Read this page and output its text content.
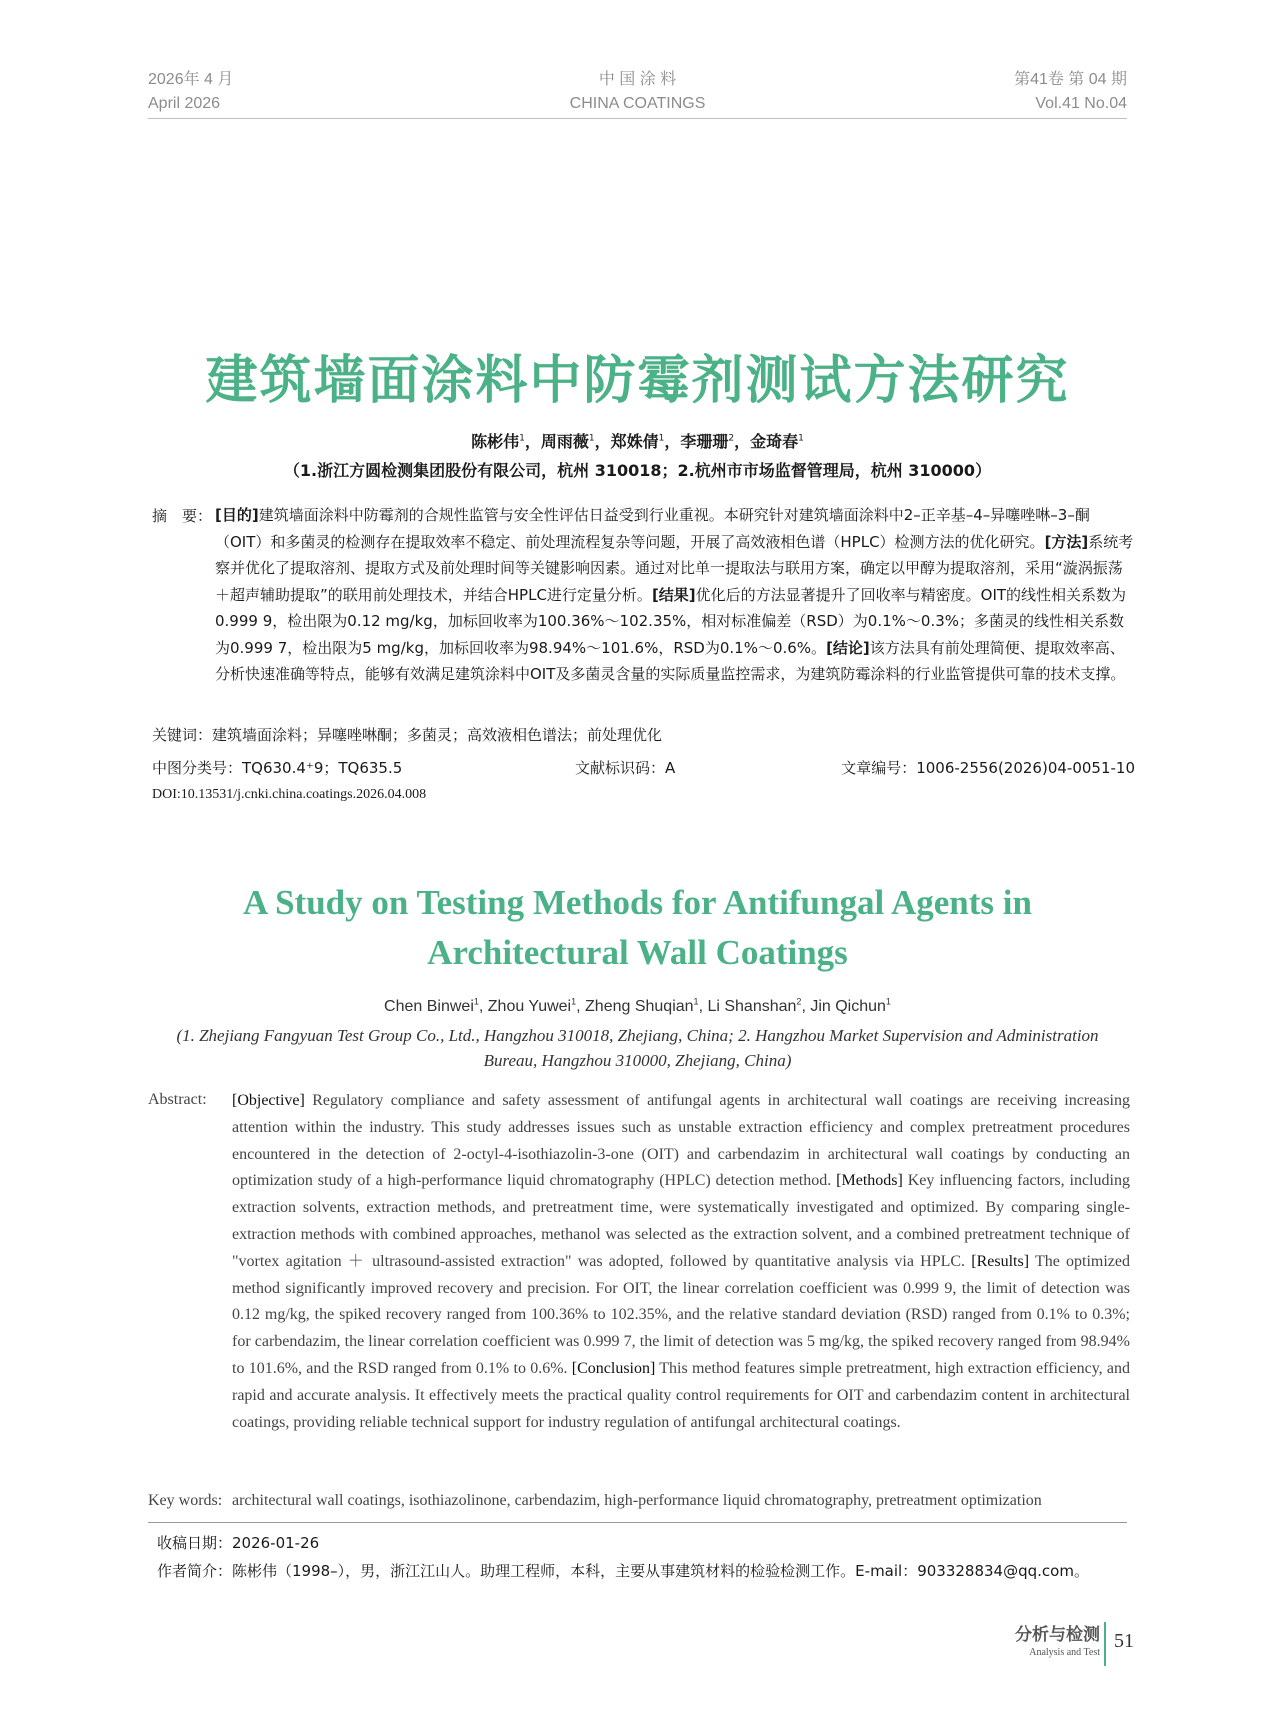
2026年 4 月
April 2026
中 国 涂 料
CHINA COATINGS
第41卷 第 04 期
Vol.41 No.04
建筑墙面涂料中防霉剂测试方法研究
陈彬伟$^1$，周雨薇$^1$，郑姝倩$^1$，李珊珊$^2$，金琦春$^1$
（1.浙江方圆检测集团股份有限公司，杭州 310018；2.杭州市市场监督管理局，杭州 310000）
摘　要： [目的]建筑墙面涂料中防霉剂的合规性监管与安全性评估日益受到行业重视。本研究针对建筑墙面涂料中2–正辛基–4–异噻唑啉–3–酮（OIT）和多菌灵的检测存在提取效率不稳定、前处理流程复杂等问题，开展了高效液相色谱（HPLC）检测方法的优化研究。[方法]系统考察并优化了提取溶剂、提取方式及前处理时间等关键影响因素。通过对比单一提取法与联用方案，确定以甲醇为提取溶剂，采用“漩涡振荡＋超声辅助提取”的联用前处理技术，并结合HPLC进行定量分析。[结果]优化后的方法显著提升了回收率与精密度。OIT的线性相关系数为0.999 9，检出限为0.12 mg/kg，加标回收率为100.36%～102.35%，相对标准偏差（RSD）为0.1%～0.3%；多菌灵的线性相关系数为0.999 7，检出限为5 mg/kg，加标回收率为98.94%～101.6%，RSD为0.1%～0.6%。[结论]该方法具有前处理简便、提取效率高、分析快速准确等特点，能够有效满足建筑涂料中OIT及多菌灵含量的实际质量监控需求，为建筑防霉涂料的行业监管提供可靠的技术支撑。
关键词：建筑墙面涂料；异噻唑啉酮；多菌灵；高效液相色谱法；前处理优化
中图分类号：TQ630.4⁺9；TQ635.5	文献标识码：A	文章编号：1006-2556(2026)04-0051-10
DOI:10.13531/j.cnki.china.coatings.2026.04.008
A Study on Testing Methods for Antifungal Agents in
Architectural Wall Coatings
Chen Binwei$^1$, Zhou Yuwei$^1$, Zheng Shuqian$^1$, Li Shanshan$^2$, Jin Qichun$^1$
(1. Zhejiang Fangyuan Test Group Co., Ltd., Hangzhou 310018, Zhejiang, China; 2. Hangzhou Market Supervision and Administration Bureau, Hangzhou 310000, Zhejiang, China)
Abstract: [Objective] Regulatory compliance and safety assessment of antifungal agents in architectural wall coatings are receiving increasing attention within the industry. This study addresses issues such as unstable extraction efficiency and complex pretreatment procedures encountered in the detection of 2-octyl-4-isothiazolin-3-one (OIT) and carbendazim in architectural wall coatings by conducting an optimization study of a high-performance liquid chromatography (HPLC) detection method. [Methods] Key influencing factors, including extraction solvents, extraction methods, and pretreatment time, were systematically investigated and optimized. By comparing single-extraction methods with combined approaches, methanol was selected as the extraction solvent, and a combined pretreatment technique of "vortex agitation ＋ ultrasound-assisted extraction" was adopted, followed by quantitative analysis via HPLC. [Results] The optimized method significantly improved recovery and precision. For OIT, the linear correlation coefficient was 0.999 9, the limit of detection was 0.12 mg/kg, the spiked recovery ranged from 100.36% to 102.35%, and the relative standard deviation (RSD) ranged from 0.1% to 0.3%; for carbendazim, the linear correlation coefficient was 0.999 7, the limit of detection was 5 mg/kg, the spiked recovery ranged from 98.94% to 101.6%, and the RSD ranged from 0.1% to 0.6%. [Conclusion] This method features simple pretreatment, high extraction efficiency, and rapid and accurate analysis. It effectively meets the practical quality control requirements for OIT and carbendazim content in architectural coatings, providing reliable technical support for industry regulation of antifungal architectural coatings.
Key words: architectural wall coatings, isothiazolinone, carbendazim, high-performance liquid chromatography, pretreatment optimization
收稿日期：2026-01-26
作者简介：陈彬伟（1998–），男，浙江江山人。助理工程师，本科，主要从事建筑材料的检验检测工作。E-mail：903328834@qq.com。
分析与检测
Analysis and Test
51
